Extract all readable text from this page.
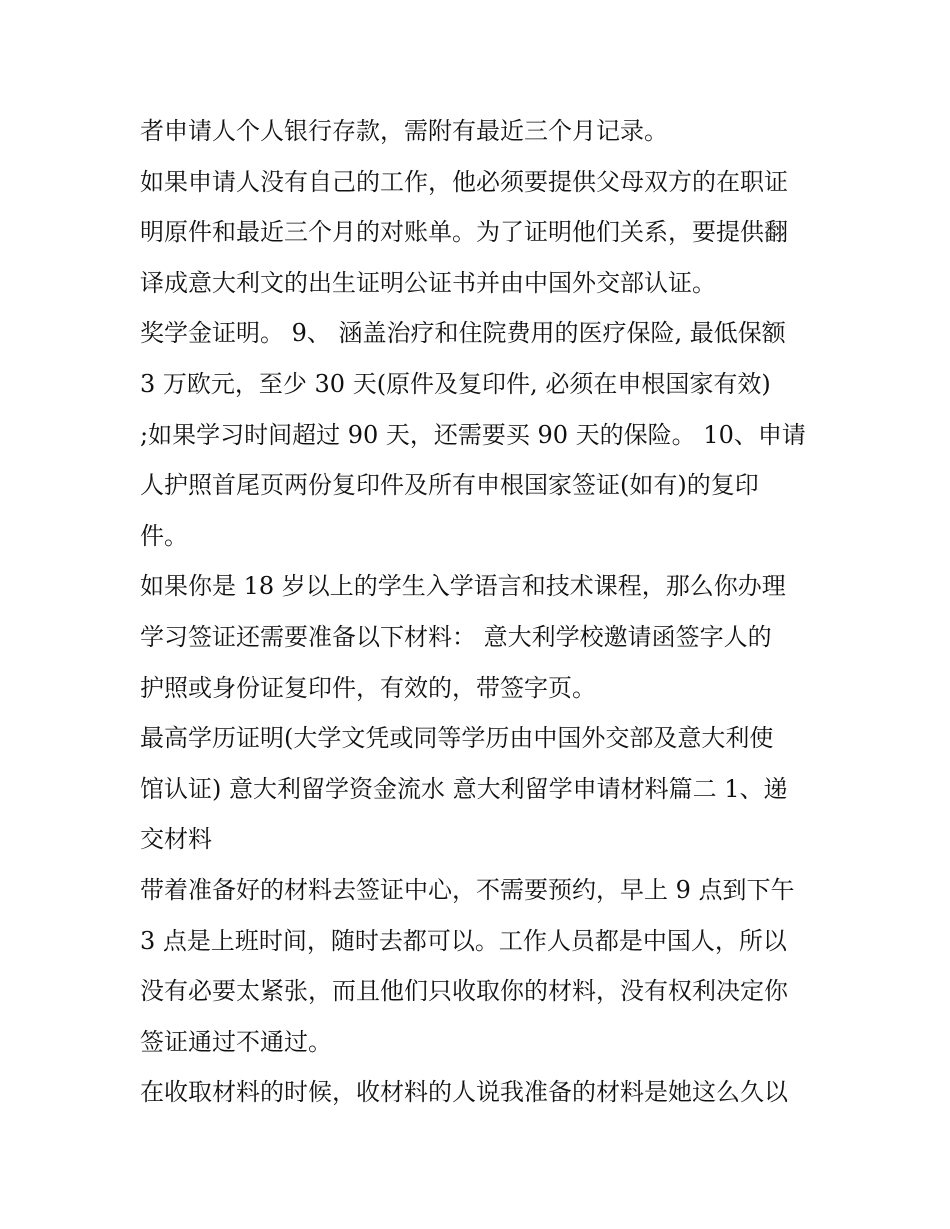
者申请人个人银行存款，需附有最近三个月记录。
如果申请人没有自己的工作，他必须要提供父母双方的在职证
明原件和最近三个月的对账单。为了证明他们关系，要提供翻
译成意大利文的出生证明公证书并由中国外交部认证。
奖学金证明。 9、 涵盖治疗和住院费用的医疗保险, 最低保额
3 万欧元，至少 30 天(原件及复印件, 必须在申根国家有效)
;如果学习时间超过 90 天，还需要买 90 天的保险。 10、申请
人护照首尾页两份复印件及所有申根国家签证(如有)的复印
件。
如果你是 18 岁以上的学生入学语言和技术课程，那么你办理
学习签证还需要准备以下材料： 意大利学校邀请函签字人的
护照或身份证复印件，有效的，带签字页。
最高学历证明(大学文凭或同等学历由中国外交部及意大利使
馆认证) 意大利留学资金流水 意大利留学申请材料篇二 1、递
交材料
带着准备好的材料去签证中心，不需要预约，早上 9 点到下午
3 点是上班时间，随时去都可以。工作人员都是中国人，所以
没有必要太紧张，而且他们只收取你的材料，没有权利决定你
签证通过不通过。
在收取材料的时候，收材料的人说我准备的材料是她这么久以
